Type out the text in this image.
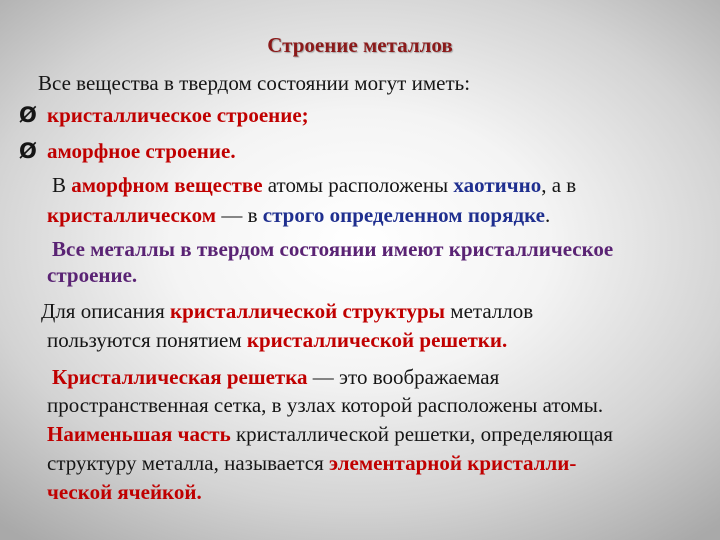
Строение металлов
Все вещества в твердом состоянии могут иметь:
Ø кристаллическое строение;
Ø аморфное строение.
В аморфном веществе атомы расположены хаотично, а в
кристаллическом — в строго определенном порядке.
Все металлы в твердом состоянии имеют кристаллическое
строение.
Для описания кристаллической структуры металлов
пользуются понятием кристаллической решетки.
Кристаллическая решетка — это воображаемая
пространственная сетка, в узлах которой расположены атомы.
Наименьшая часть кристаллической решетки, определяющая
структуру металла, называется элементарной кристалли-
ческой ячейкой.
